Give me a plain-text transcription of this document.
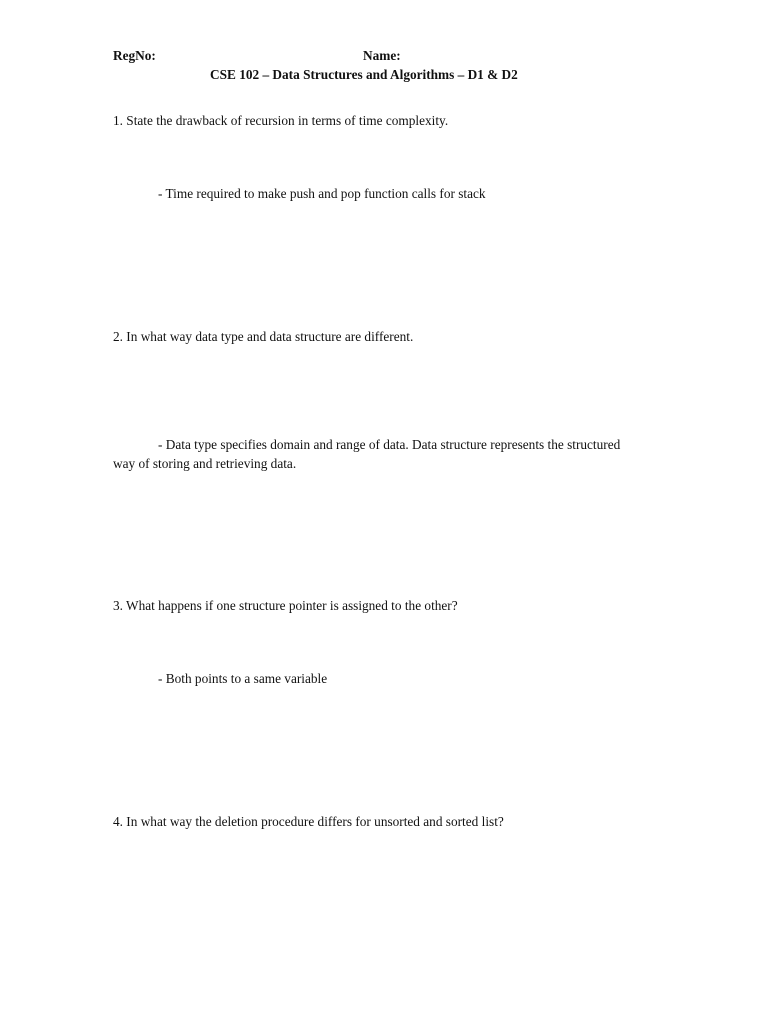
RegNo:	Name:
CSE 102 – Data Structures and Algorithms – D1 & D2
1. State the drawback of recursion in terms of time complexity.
- Time required to make push and pop function calls for stack
2. In what way data type and data structure are different.
- Data type specifies domain and range of data. Data structure represents the structured way of storing and retrieving data.
3. What happens if one structure pointer is assigned to the other?
- Both points to a same variable
4. In what way the deletion procedure differs for unsorted and sorted list?
